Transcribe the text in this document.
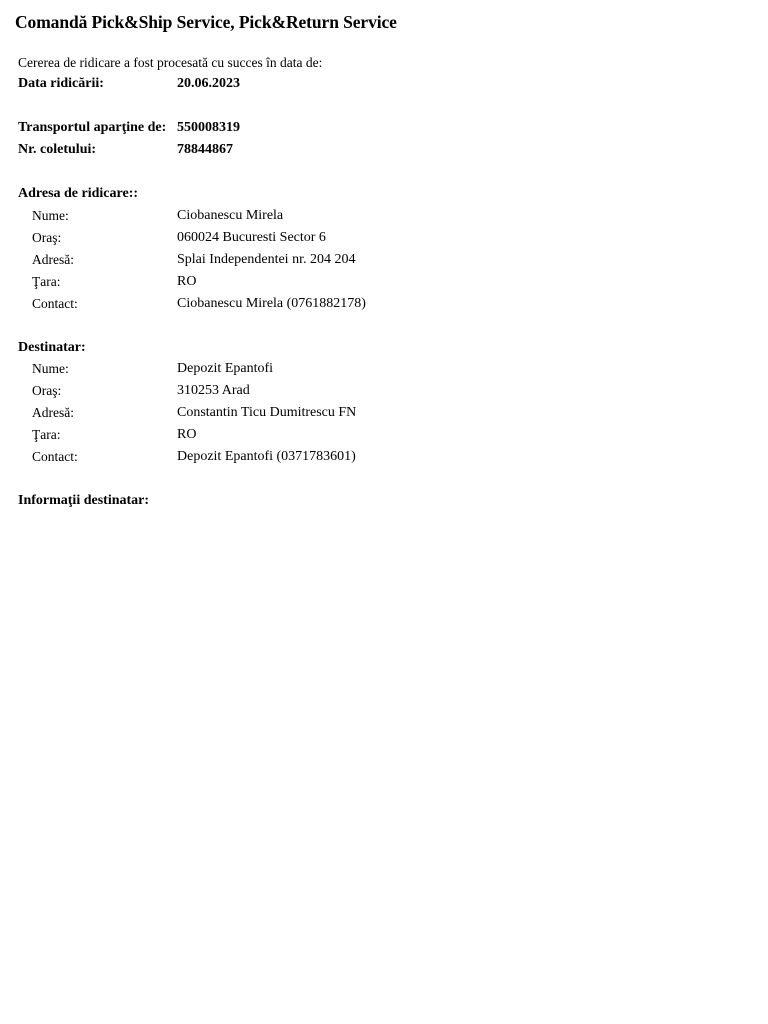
Comandă Pick&Ship Service, Pick&Return Service
Cererea de ridicare a fost procesată cu succes în data de:
Data ridicării:	20.06.2023
Transportul aparţine de: 550008319
Nr. coletului:	78844867
Adresa de ridicare::
Nume:	Ciobanescu Mirela
Oraş:	060024 Bucuresti Sector 6
Adresă:	Splai Independentei nr. 204 204
Ţara:	RO
Contact:	Ciobanescu Mirela (0761882178)
Destinatar:
Nume:	Depozit Epantofi
Oraş:	310253 Arad
Adresă:	Constantin Ticu Dumitrescu FN
Ţara:	RO
Contact:	Depozit Epantofi (0371783601)
Informaţii destinatar:
